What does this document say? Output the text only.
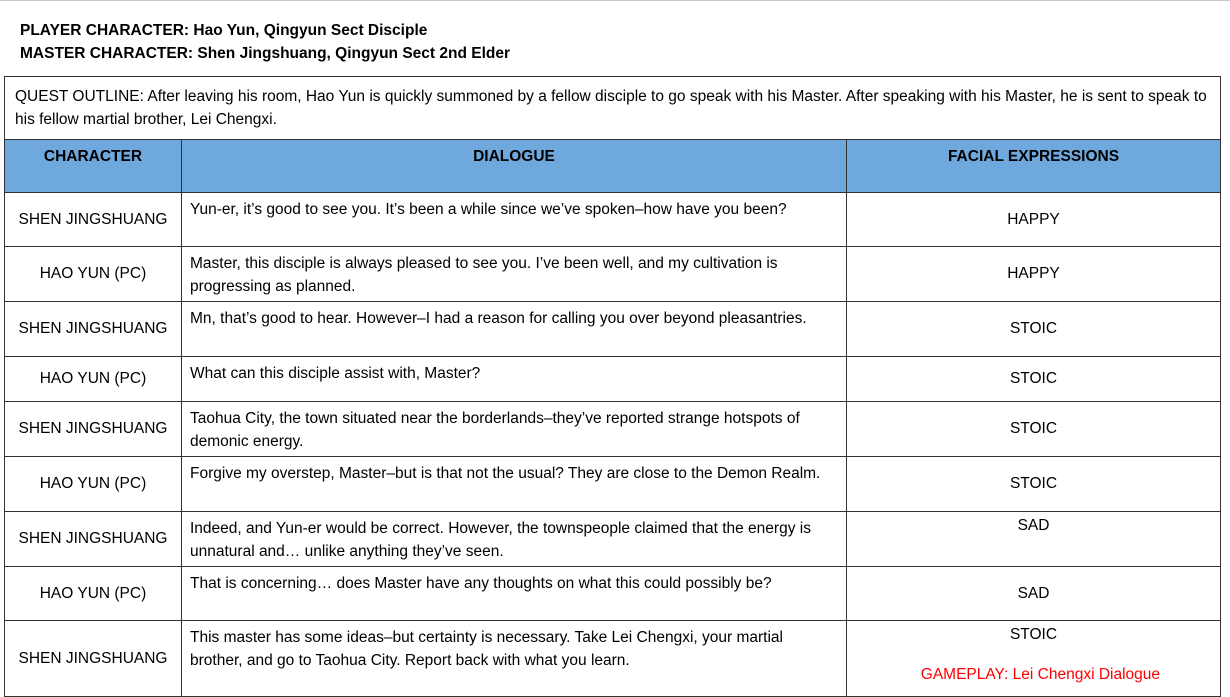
PLAYER CHARACTER: Hao Yun, Qingyun Sect Disciple
MASTER CHARACTER: Shen Jingshuang, Qingyun Sect 2nd Elder
QUEST OUTLINE: After leaving his room, Hao Yun is quickly summoned by a fellow disciple to go speak with his Master. After speaking with his Master, he is sent to speak to his fellow martial brother, Lei Chengxi.		
CHARACTER	DIALOGUE	FACIAL EXPRESSIONS
SHEN JINGSHUANG	Yun-er, it’s good to see you. It’s been a while since we’ve spoken–how have you been?	HAPPY
HAO YUN (PC)	Master, this disciple is always pleased to see you. I’ve been well, and my cultivation is progressing as planned.	HAPPY
SHEN JINGSHUANG	Mn, that’s good to hear. However–I had a reason for calling you over beyond pleasantries.	STOIC
HAO YUN (PC)	What can this disciple assist with, Master?	STOIC
SHEN JINGSHUANG	Taohua City, the town situated near the borderlands–they’ve reported strange hotspots of demonic energy.	STOIC
HAO YUN (PC)	Forgive my overstep, Master–but is that not the usual? They are close to the Demon Realm.	STOIC
SHEN JINGSHUANG	Indeed, and Yun-er would be correct. However, the townspeople claimed that the energy is unnatural and… unlike anything they’ve seen.	SAD
HAO YUN (PC)	That is concerning… does Master have any thoughts on what this could possibly be?	SAD
SHEN JINGSHUANG	This master has some ideas–but certainty is necessary. Take Lei Chengxi, your martial brother, and go to Taohua City. Report back with what you learn.	STOIC
GAMEPLAY: Lei Chengxi Dialogue
